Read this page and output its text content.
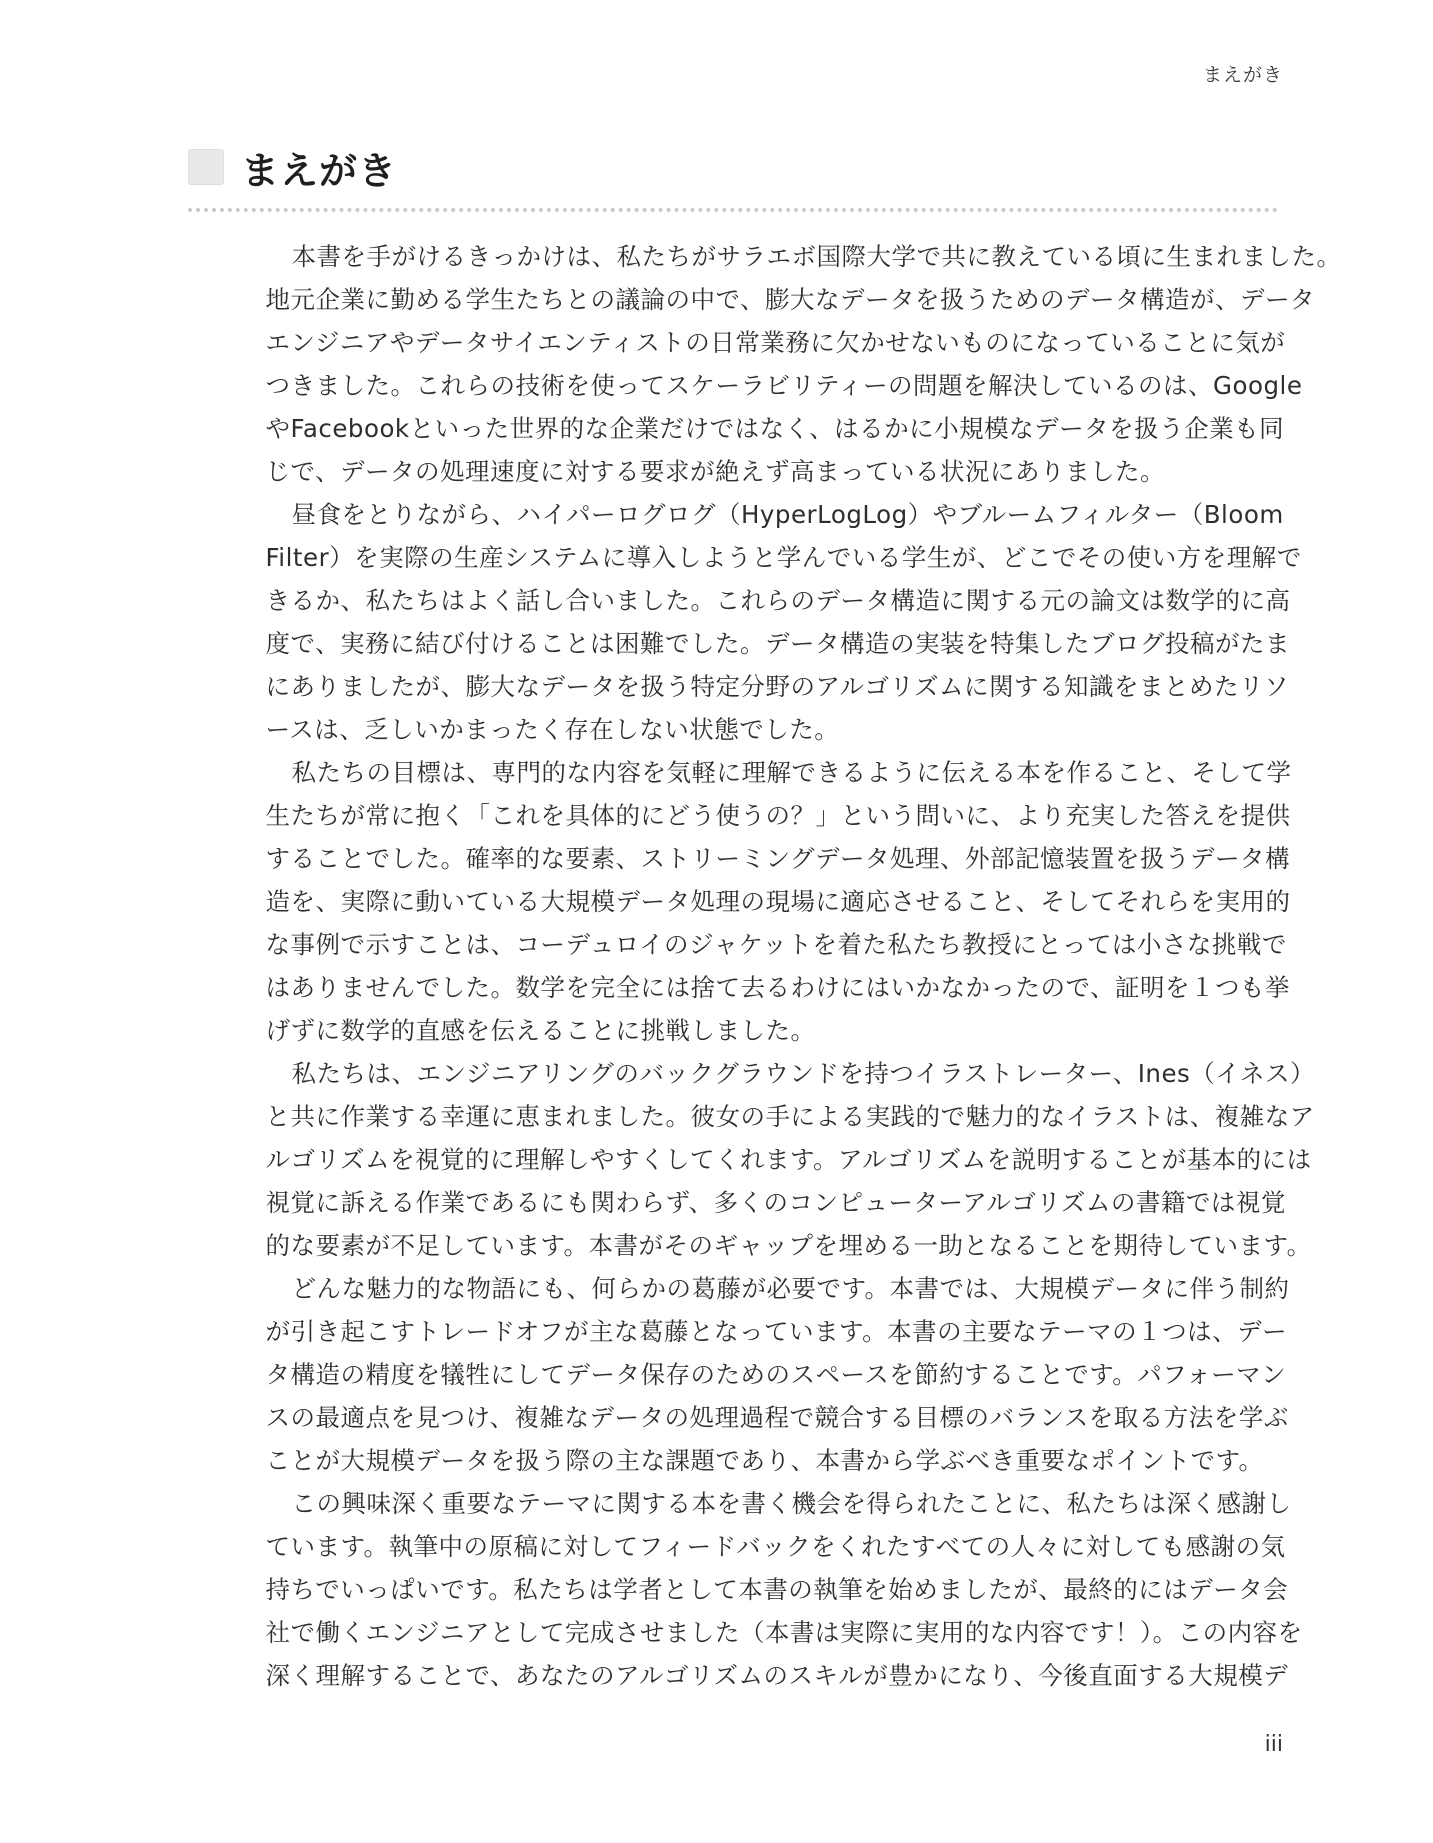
まえがき
まえがき
本書を手がけるきっかけは、私たちがサラエボ国際大学で共に教えている頃に生まれました。
地元企業に勤める学生たちとの議論の中で、膨大なデータを扱うためのデータ構造が、データ
エンジニアやデータサイエンティストの日常業務に欠かせないものになっていることに気が
つきました。これらの技術を使ってスケーラビリティーの問題を解決しているのは、Google
やFacebookといった世界的な企業だけではなく、はるかに小規模なデータを扱う企業も同
じで、データの処理速度に対する要求が絶えず高まっている状況にありました。
昼食をとりながら、ハイパーログログ（HyperLogLog）やブルームフィルター（Bloom
Filter）を実際の生産システムに導入しようと学んでいる学生が、どこでその使い方を理解で
きるか、私たちはよく話し合いました。これらのデータ構造に関する元の論文は数学的に高
度で、実務に結び付けることは困難でした。データ構造の実装を特集したブログ投稿がたま
にありましたが、膨大なデータを扱う特定分野のアルゴリズムに関する知識をまとめたリソ
ースは、乏しいかまったく存在しない状態でした。
私たちの目標は、専門的な内容を気軽に理解できるように伝える本を作ること、そして学
生たちが常に抱く「これを具体的にどう使うの？」という問いに、より充実した答えを提供
することでした。確率的な要素、ストリーミングデータ処理、外部記憶装置を扱うデータ構
造を、実際に動いている大規模データ処理の現場に適応させること、そしてそれらを実用的
な事例で示すことは、コーデュロイのジャケットを着た私たち教授にとっては小さな挑戦で
はありませんでした。数学を完全には捨て去るわけにはいかなかったので、証明を１つも挙
げずに数学的直感を伝えることに挑戦しました。
私たちは、エンジニアリングのバックグラウンドを持つイラストレーター、Ines（イネス）
と共に作業する幸運に恵まれました。彼女の手による実践的で魅力的なイラストは、複雑なア
ルゴリズムを視覚的に理解しやすくしてくれます。アルゴリズムを説明することが基本的には
視覚に訴える作業であるにも関わらず、多くのコンピューターアルゴリズムの書籍では視覚
的な要素が不足しています。本書がそのギャップを埋める一助となることを期待しています。
どんな魅力的な物語にも、何らかの葛藤が必要です。本書では、大規模データに伴う制約
が引き起こすトレードオフが主な葛藤となっています。本書の主要なテーマの１つは、デー
タ構造の精度を犠牲にしてデータ保存のためのスペースを節約することです。パフォーマン
スの最適点を見つけ、複雑なデータの処理過程で競合する目標のバランスを取る方法を学ぶ
ことが大規模データを扱う際の主な課題であり、本書から学ぶべき重要なポイントです。
この興味深く重要なテーマに関する本を書く機会を得られたことに、私たちは深く感謝し
ています。執筆中の原稿に対してフィードバックをくれたすべての人々に対しても感謝の気
持ちでいっぱいです。私たちは学者として本書の執筆を始めましたが、最終的にはデータ会
社で働くエンジニアとして完成させました（本書は実際に実用的な内容です！）。この内容を
深く理解することで、あなたのアルゴリズムのスキルが豊かになり、今後直面する大規模デ
iii
